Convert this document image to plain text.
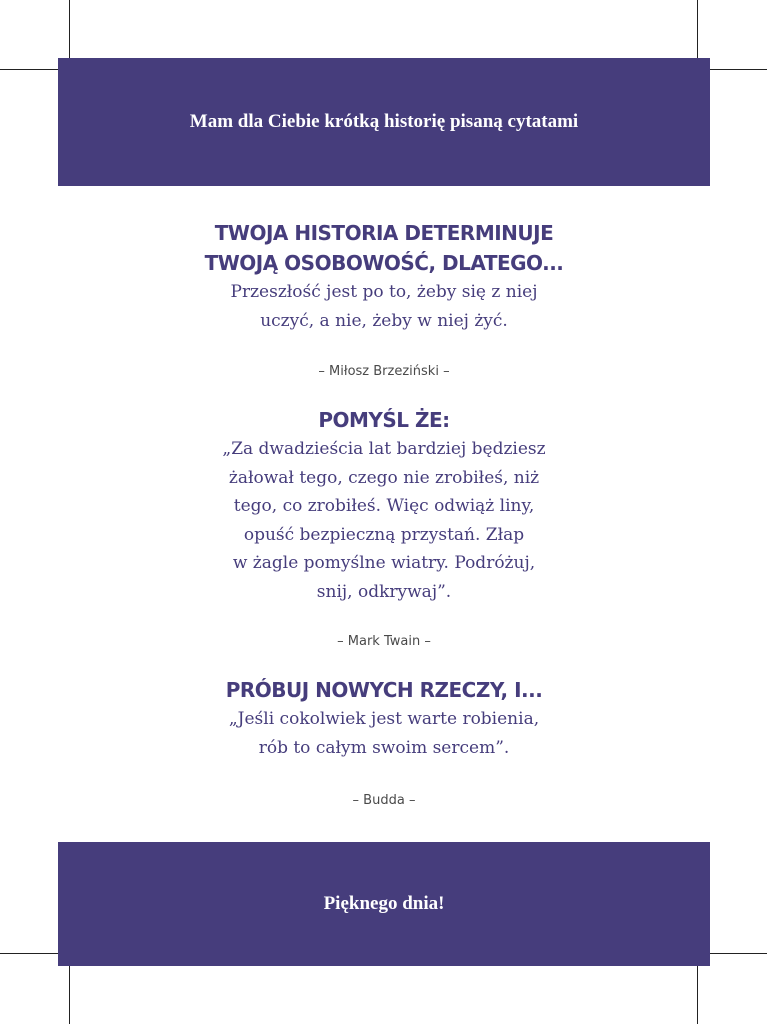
Mam dla Ciebie krótką historię pisaną cytatami
TWOJA HISTORIA DETERMINUJE
TWOJĄ OSOBOWOŚĆ, DLATEGO...

Przeszłość jest po to, żeby się z niej
uczyć, a nie, żeby w niej żyć.

– Miłosz Brzeziński –

POMYŚL ŻE:

„Za dwadzieścia lat bardziej będziesz
żałował tego, czego nie zrobiłeś, niż
tego, co zrobiłeś. Więc odwiąż liny,
opuść bezpieczną przystań. Złap
w żagle pomyślne wiatry. Podróżuj,
snij, odkrywaj”.

– Mark Twain –

PRÓBUJ NOWYCH RZECZY, I...

„Jeśli cokolwiek jest warte robienia,
rób to całym swoim sercem”.

– Budda –

Pięknego dnia!
